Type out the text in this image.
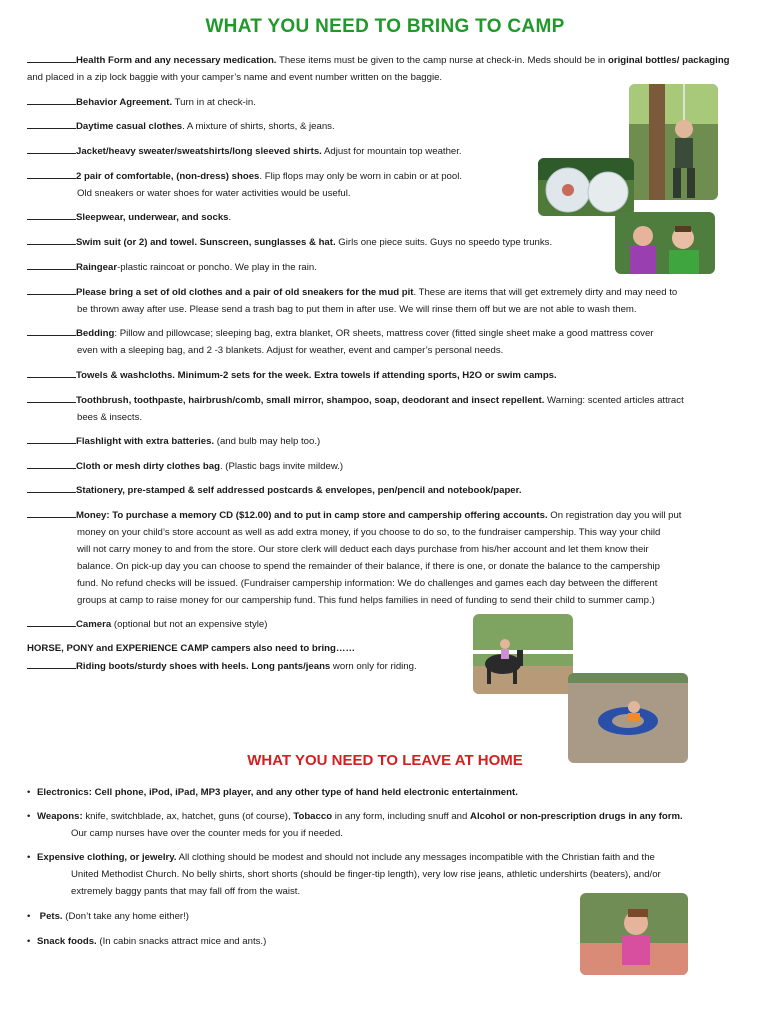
WHAT YOU NEED TO BRING TO CAMP
Health Form and any necessary medication. These items must be given to the camp nurse at check-in. Meds should be in original bottles/ packaging and placed in a zip lock baggie with your camper’s name and event number written on the baggie.
Behavior Agreement. Turn in at check-in.
Daytime casual clothes. A mixture of shirts, shorts, & jeans.
Jacket/heavy sweater/sweatshirts/long sleeved shirts. Adjust for mountain top weather.
2 pair of comfortable, (non-dress) shoes. Flip flops may only be worn in cabin or at pool.
Old sneakers or water shoes for water activities would be useful.
Sleepwear, underwear, and socks.
Swim suit (or 2) and towel. Sunscreen, sunglasses & hat. Girls one piece suits. Guys no speedo type trunks.
Raingear-plastic raincoat or poncho. We play in the rain.
Please bring a set of old clothes and a pair of old sneakers for the mud pit. These are items that will get extremely dirty and may need to
be thrown away after use. Please send a trash bag to put them in after use. We will rinse them off but we are not able to wash them.
Bedding: Pillow and pillowcase; sleeping bag, extra blanket, OR sheets, mattress cover (fitted single sheet make a good mattress cover
even with a sleeping bag, and 2 -3 blankets. Adjust for weather, event and camper’s personal needs.
Towels & washcloths. Minimum-2 sets for the week. Extra towels if attending sports, H2O or swim camps.
Toothbrush, toothpaste, hairbrush/comb, small mirror, shampoo, soap, deodorant and insect repellent. Warning: scented articles attract
bees & insects.
Flashlight with extra batteries. (and bulb may help too.)
Cloth or mesh dirty clothes bag. (Plastic bags invite mildew.)
Stationery, pre-stamped & self addressed postcards & envelopes, pen/pencil and notebook/paper.
Money: To purchase a memory CD ($12.00) and to put in camp store and campership offering accounts. On registration day you will put
money on your child’s store account as well as add extra money, if you choose to do so, to the fundraiser campership. This way your child
will not carry money to and from the store. Our store clerk will deduct each days purchase from his/her account and let them know their
balance. On pick-up day you can choose to spend the remainder of their balance, if there is one, or donate the balance to the campership
fund. No refund checks will be issued. (Fundraiser campership information: We do challenges and games each day between the different
groups at camp to raise money for our campership fund. This fund helps families in need of funding to send their child to summer camp.)
Camera (optional but not an expensive style)
HORSE, PONY and EXPERIENCE CAMP campers also need to bring……
Riding boots/sturdy shoes with heels. Long pants/jeans worn only for riding.
WHAT YOU NEED TO LEAVE AT HOME
• Electronics: Cell phone, iPod, iPad, MP3 player, and any other type of hand held electronic entertainment.
• Weapons: knife, switchblade, ax, hatchet, guns (of course), Tobacco in any form, including snuff and Alcohol or non-prescription drugs in any form.
Our camp nurses have over the counter meds for you if needed.
• Expensive clothing, or jewelry. All clothing should be modest and should not include any messages incompatible with the Christian faith and the
United Methodist Church. No belly shirts, short shorts (should be finger-tip length), very low rise jeans, athletic undershirts (beaters), and/or
extremely baggy pants that may fall off from the waist.
• Pets. (Don’t take any home either!)
• Snack foods. (In cabin snacks attract mice and ants.)
